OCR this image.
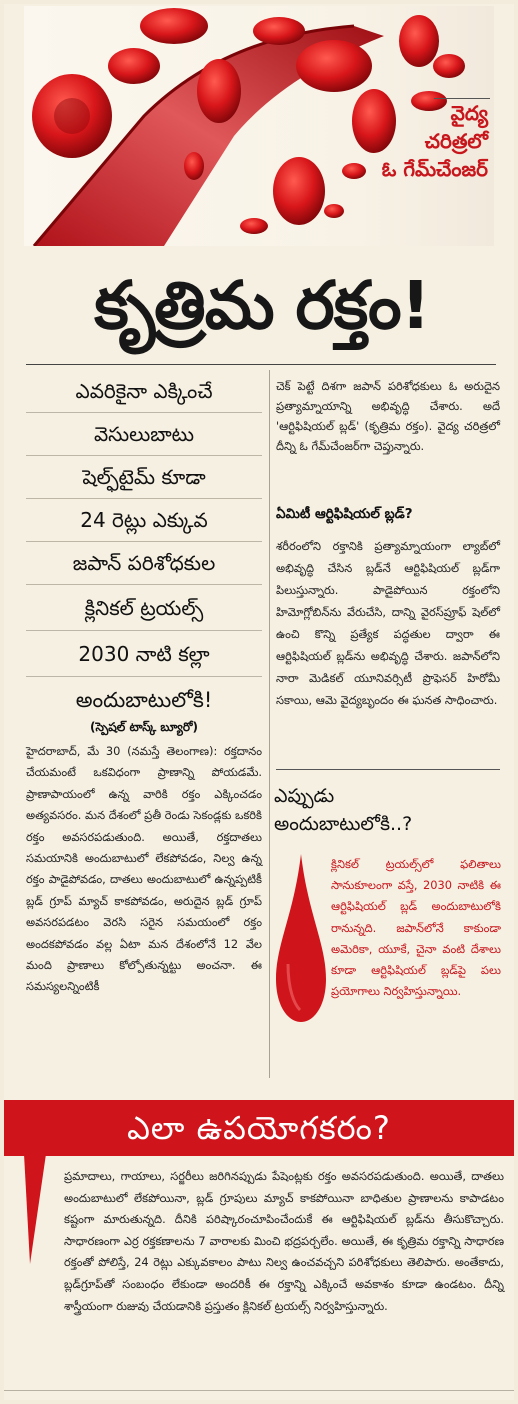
వైద్య
చరిత్రలో
ఓ గేమ్‌చేంజర్
కృత్రిమ రక్తం!
ఎవరికైనా ఎక్కించే
వెసులుబాటు
షెల్ఫ్‌టైమ్ కూడా
24 రెట్లు ఎక్కువ
జపాన్ పరిశోధకుల
క్లినికల్ ట్రయల్స్
2030 నాటి కల్లా
అందుబాటులోకి!
(స్పెషల్ టాస్క్ బ్యూరో)
హైదరాబాద్, మే 30 (నమస్తే తెలంగాణ): రక్తదానం చేయమంటే ఒకవిధంగా ప్రాణాన్ని పోయడమే. ప్రాణాపాయంలో ఉన్న వారికి రక్తం ఎక్కించడం అత్యవసరం. మన దేశంలో ప్రతీ రెండు సెకండ్లకు ఒకరికి రక్తం అవసరపడుతుంది. అయితే, రక్తదాతలు సమయానికి అందుబాటులో లేకపోవడం, నిల్వ ఉన్న రక్తం పాడైపోవడం, దాతలు అందుబాటులో ఉన్నప్పటికీ బ్లడ్ గ్రూప్ మ్యాచ్ కాకపోవడం, అరుదైన బ్లడ్ గ్రూప్ అవసరపడటం వెరసి సరైన సమయంలో రక్తం అందకపోవడం వల్ల ఏటా మన దేశంలోనే 12 వేల మంది ప్రాణాలు కోల్పోతున్నట్టు అంచనా. ఈ సమస్యలన్నింటికీ
చెక్ పెట్టే దిశగా జపాన్ పరిశోధకులు ఓ అరుదైన ప్రత్యామ్నాయాన్ని అభివృద్ధి చేశారు. అదే 'ఆర్టిఫిషియల్ బ్లడ్' (కృత్రిమ రక్తం). వైద్య చరిత్రలో దీన్ని ఓ గేమ్‌చేంజర్‌గా చెప్తున్నారు.
ఏమిటీ ఆర్టిఫిషియల్ బ్లడ్?
శరీరంలోని రక్తానికి ప్రత్యామ్నాయంగా ల్యాబ్‌లో అభివృద్ధి చేసిన బ్లడ్‌నే ఆర్టిఫిషియల్ బ్లడ్‌గా పిలుస్తున్నారు. పాడైపోయిన రక్తంలోని హిమోగ్లోబిన్‌ను వేరుచేసి, దాన్ని వైరస్‌ప్రూఫ్ షెల్‌లో ఉంచి కొన్ని ప్రత్యేక పద్ధతుల ద్వారా ఈ ఆర్టిఫిషియల్ బ్లడ్‌ను అభివృద్ధి చేశారు. జపాన్‌లోని నారా మెడికల్ యూనివర్సిటీ ప్రొఫెసర్ హిరోమీ సకాయి, ఆమె వైద్యబృందం ఈ ఘనత సాధించారు.
ఎప్పుడు
అందుబాటులోకి..?
క్లినికల్ ట్రయల్స్‌లో ఫలితాలు సానుకూలంగా వస్తే, 2030 నాటికి ఈ ఆర్టిఫిషియల్ బ్లడ్ అందుబాటులోకి రానున్నది. జపాన్‌లోనే కాకుండా అమెరికా, యూకే, చైనా వంటి దేశాలు కూడా ఆర్టిఫిషియల్ బ్లడ్‌పై పలు ప్రయోగాలు నిర్వహిస్తున్నాయి.
ఎలా ఉపయోగకరం?
ప్రమాదాలు, గాయాలు, సర్జరీలు జరిగినప్పుడు పేషెంట్లకు రక్తం అవసరపడుతుంది. అయితే, దాతలు అందుబాటులో లేకపోయినా, బ్లడ్ గ్రూపులు మ్యాచ్ కాకపోయినా బాధితుల ప్రాణాలను కాపాడటం కష్టంగా మారుతున్నది. దీనికి పరిష్కారంచూపించేందుకే ఈ ఆర్టిఫిషియల్ బ్లడ్‌ను తీసుకొచ్చారు. సాధారణంగా ఎర్ర రక్తకణాలను 7 వారాలకు మించి భద్రపర్చలేం. అయితే, ఈ కృత్రిమ రక్తాన్ని సాధారణ రక్తంతో పోలిస్తే, 24 రెట్లు ఎక్కువకాలం పాటు నిల్వ ఉంచవచ్చని పరిశోధకులు తెలిపారు. అంతేకాదు, బ్లడ్‌గ్రూప్‌తో సంబంధం లేకుండా అందరికీ ఈ రక్తాన్ని ఎక్కించే అవకాశం కూడా ఉండటం. దీన్ని శాస్త్రీయంగా రుజువు చేయడానికి ప్రస్తుతం క్లినికల్ ట్రయల్స్ నిర్వహిస్తున్నారు.
